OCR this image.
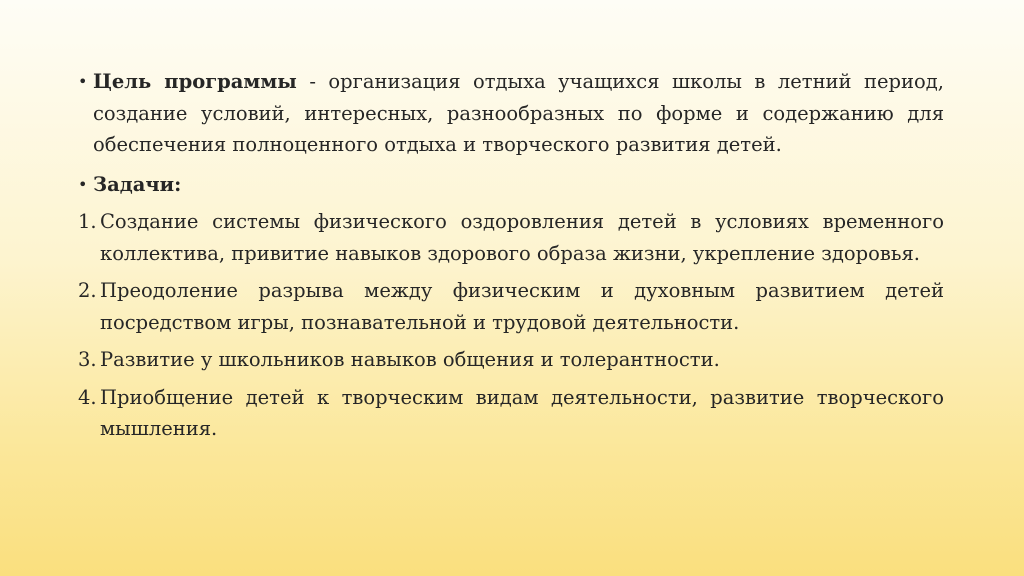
• Цель программы - организация отдыха учащихся школы в летний период, создание условий, интересных, разнообразных по форме и содержанию для обеспечения полноценного отдыха и творческого развития детей.
• Задачи:
1. Создание системы физического оздоровления детей в условиях временного коллектива, привитие навыков здорового образа жизни, укрепление здоровья.
2. Преодоление разрыва между физическим и духовным развитием детей посредством игры, познавательной и трудовой деятельности.
3. Развитие у школьников навыков общения и толерантности.
4. Приобщение детей к творческим видам деятельности, развитие творческого мышления.
